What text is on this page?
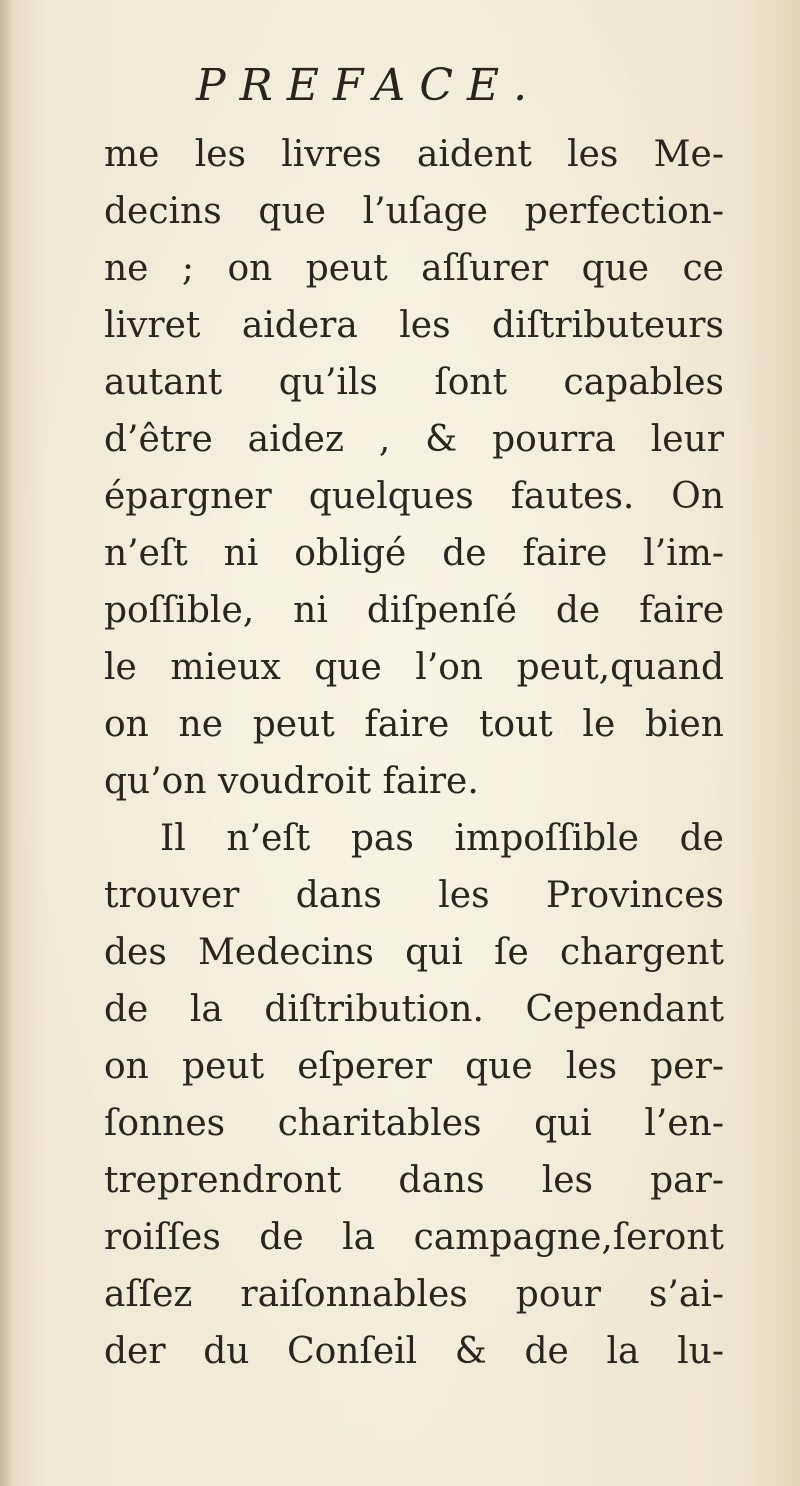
PREFACE.
me les livres aident les Me-
decins que l’uſage perfection-
ne ; on peut aſſurer que ce
livret aidera les diſtributeurs
autant qu’ils ſont capables
d’être aidez , & pourra leur
épargner quelques fautes. On
n’eſt ni obligé de faire l’im-
poſſible, ni diſpenſé de faire
le mieux que l’on peut,quand
on ne peut faire tout le bien
qu’on voudroit faire.
Il n’eſt pas impoſſible de
trouver dans les Provinces
des Medecins qui ſe chargent
de la diſtribution. Cependant
on peut eſperer que les per-
ſonnes charitables qui l’en-
treprendront dans les par-
roiſſes de la campagne,ſeront
aſſez raiſonnables pour s’ai-
der du Conſeil & de la lu-
